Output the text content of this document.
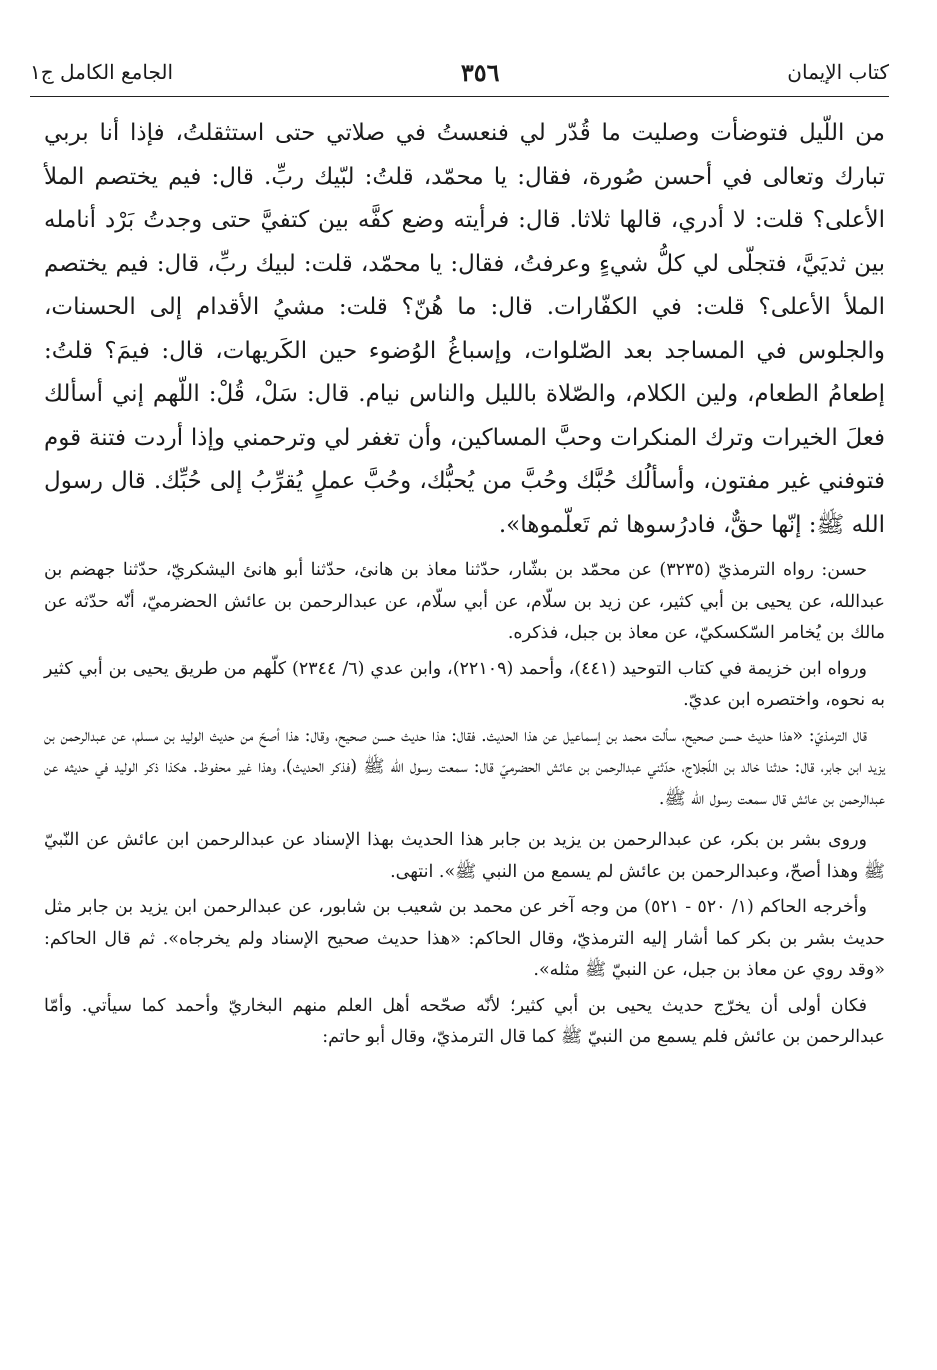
كتاب الإيمان
٣٥٦
الجامع الكامل ج١

من اللّيل فتوضأت وصليت ما قُدّر لي فنعستُ في صلاتي حتى استثقلتُ، فإذا أنا بربي تبارك وتعالى في أحسن صُورة، فقال: يا محمّد، قلتُ: لبّيك ربِّ. قال: فيم يختصم الملأ الأعلى؟ قلت: لا أدري، قالها ثلاثا. قال: فرأيته وضع كفَّه بين كتفيَّ حتى وجدتُ بَرْد أنامله بين ثديَيَّ، فتجلّى لي كلُّ شيءٍ وعرفتُ، فقال: يا محمّد، قلت: لبيك ربِّ، قال: فيم يختصم الملأ الأعلى؟ قلت: في الكفّارات. قال: ما هُنّ؟ قلت: مشيُ الأقدام إلى الحسنات، والجلوس في المساجد بعد الصّلوات، وإسباغُ الوُضوء حين الكَريهات، قال: فيمَ؟ قلتُ: إطعامُ الطعام، ولين الكلام، والصّلاة بالليل والناس نيام. قال: سَلْ، قُلْ: اللّهم إني أسألك فعلَ الخيرات وترك المنكرات وحبَّ المساكين، وأن تغفر لي وترحمني وإذا أردت فتنة قوم فتوفني غير مفتون، وأسألُك حُبَّك وحُبَّ من يُحبُّك، وحُبَّ عملٍ يُقرِّبُ إلى حُبِّك. قال رسول الله ﷺ: إنّها حقٌّ، فادرُسوها ثم تَعلّموها».

حسن: رواه الترمذيّ (٣٢٣٥) عن محمّد بن بشّار، حدّثنا معاذ بن هانئ، حدّثنا أبو هانئ اليشكريّ، حدّثنا جهضم بن عبدالله، عن يحيى بن أبي كثير، عن زيد بن سلّام، عن أبي سلّام، عن عبدالرحمن بن عائش الحضرميّ، أنّه حدّثه عن مالك بن يُخامر السّكسكيّ، عن معاذ بن جبل، فذكره.

ورواه ابن خزيمة في كتاب التوحيد (٤٤١)، وأحمد (٢٢١٠٩)، وابن عدي (٦/ ٢٣٤٤) كلّهم من طريق يحيى بن أبي كثير به نحوه، واختصره ابن عديّ.

قال الترمذيّ: «هذا حديث حسن صحيح، سألت محمد بن إسماعيل عن هذا الحديث. فقال: هذا حديث حسن صحيح، وقال: هذا أصحّ من حديث الوليد بن مسلم، عن عبدالرحمن بن يزيد ابن جابر، قال: حدثنا خالد بن اللّجلاج، حدّثني عبدالرحمن بن عائش الحضرميّ قال: سمعت رسول الله ﷺ (فذكر الحديث)، وهذا غير محفوظ. هكذا ذكر الوليد في حديثه عن عبدالرحمن بن عائش قال سمعت رسول الله ﷺ.

وروى بشر بن بكر، عن عبدالرحمن بن يزيد بن جابر هذا الحديث بهذا الإسناد عن عبدالرحمن ابن عائش عن النّبيّ ﷺ وهذا أصحّ، وعبدالرحمن بن عائش لم يسمع من النبي ﷺ». انتهى.

وأخرجه الحاكم (١/ ٥٢٠ - ٥٢١) من وجه آخر عن محمد بن شعيب بن شابور، عن عبدالرحمن ابن يزيد بن جابر مثل حديث بشر بن بكر كما أشار إليه الترمذيّ، وقال الحاكم: «هذا حديث صحيح الإسناد ولم يخرجاه». ثم قال الحاكم: «وقد روي عن معاذ بن جبل، عن النبيّ ﷺ مثله».

فكان أولى أن يخرّج حديث يحيى بن أبي كثير؛ لأنّه صحّحه أهل العلم منهم البخاريّ وأحمد كما سيأتي. وأمّا عبدالرحمن بن عائش فلم يسمع من النبيّ ﷺ كما قال الترمذيّ، وقال أبو حاتم:
